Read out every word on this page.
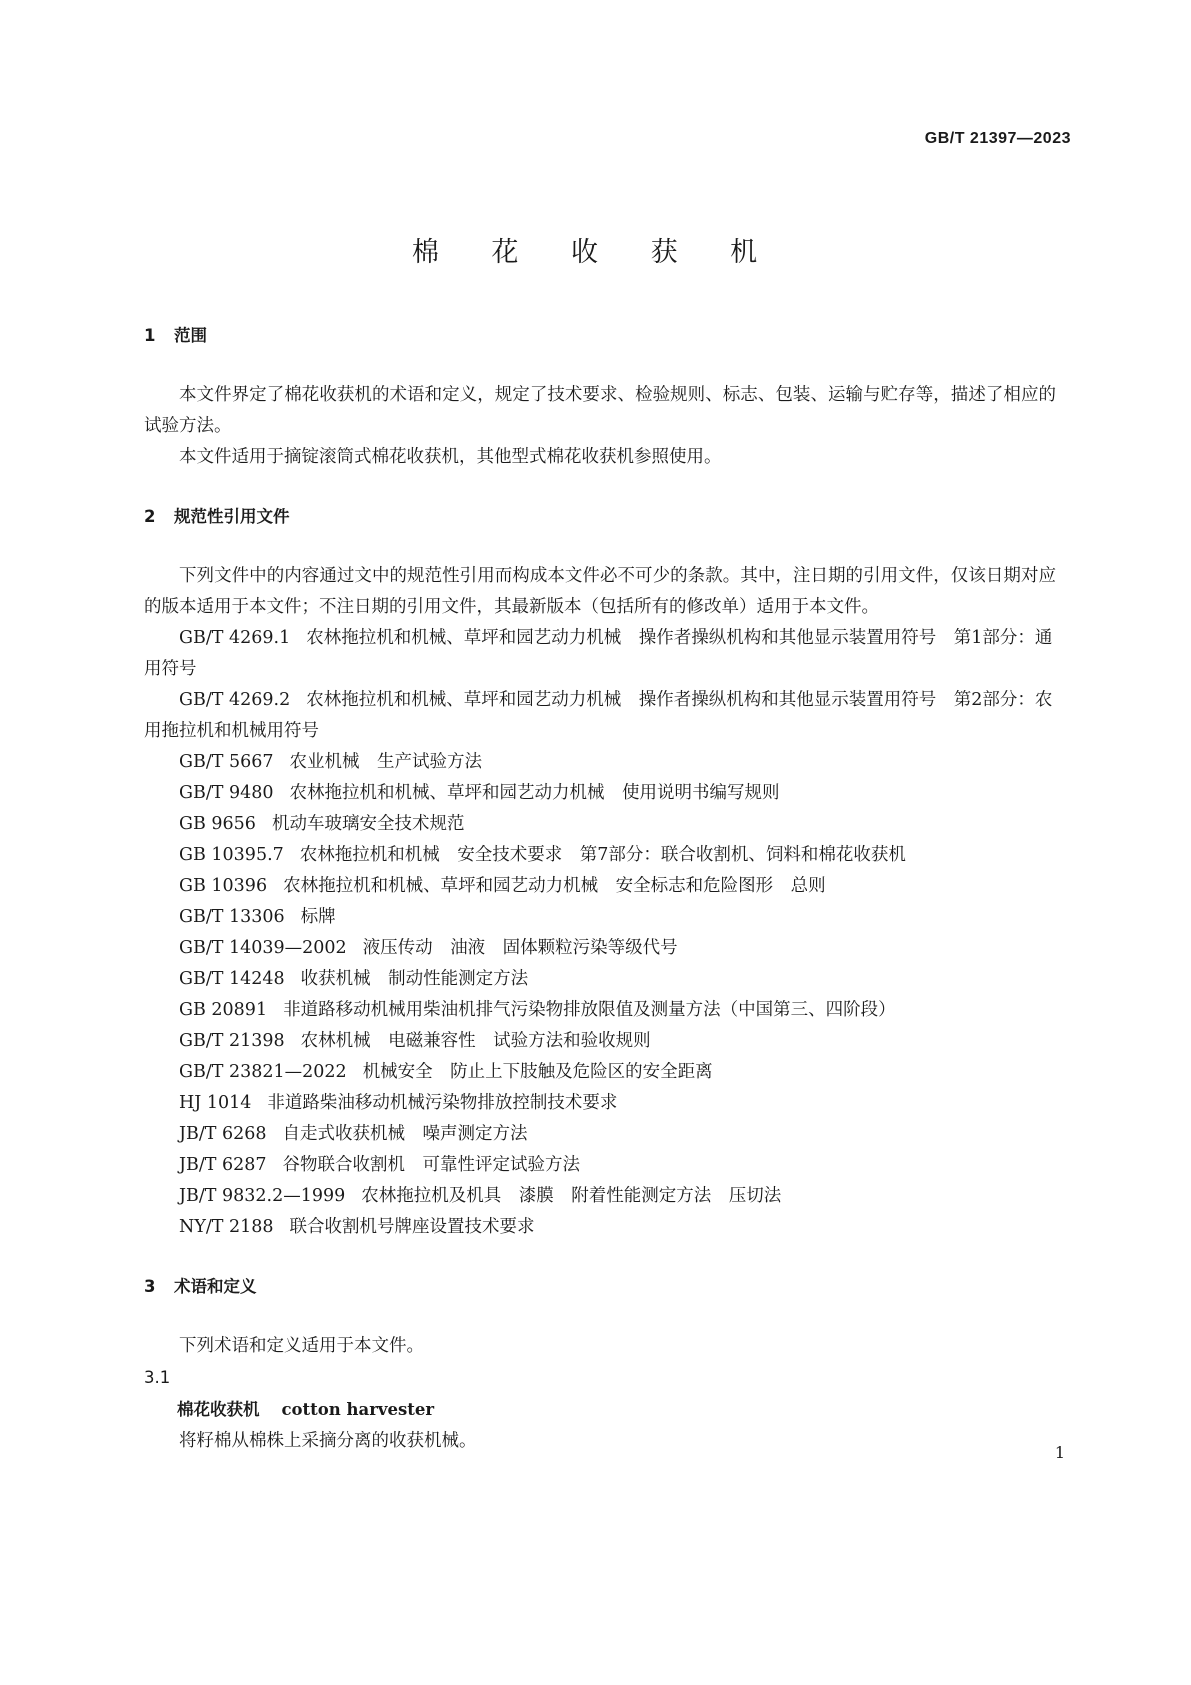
GB/T 21397—2023
棉 花 收 获 机

1 范围

本文件界定了棉花收获机的术语和定义，规定了技术要求、检验规则、标志、包装、运输与贮存等，描述了相应的试验方法。

本文件适用于摘锭滚筒式棉花收获机，其他型式棉花收获机参照使用。

2 规范性引用文件

下列文件中的内容通过文中的规范性引用而构成本文件必不可少的条款。其中，注日期的引用文件，仅该日期对应的版本适用于本文件；不注日期的引用文件，其最新版本（包括所有的修改单）适用于本文件。

GB/T 4269.1 农林拖拉机和机械、草坪和园艺动力机械　操作者操纵机构和其他显示装置用符号　第1部分：通用符号

GB/T 4269.2 农林拖拉机和机械、草坪和园艺动力机械　操作者操纵机构和其他显示装置用符号　第2部分：农用拖拉机和机械用符号

GB/T 5667 农业机械　生产试验方法

GB/T 9480 农林拖拉机和机械、草坪和园艺动力机械　使用说明书编写规则

GB 9656 机动车玻璃安全技术规范

GB 10395.7 农林拖拉机和机械　安全技术要求　第7部分：联合收割机、饲料和棉花收获机

GB 10396 农林拖拉机和机械、草坪和园艺动力机械　安全标志和危险图形　总则

GB/T 13306 标牌

GB/T 14039—2002 液压传动　油液　固体颗粒污染等级代号

GB/T 14248 收获机械　制动性能测定方法

GB 20891 非道路移动机械用柴油机排气污染物排放限值及测量方法（中国第三、四阶段）

GB/T 21398 农林机械　电磁兼容性　试验方法和验收规则

GB/T 23821—2022 机械安全　防止上下肢触及危险区的安全距离

HJ 1014 非道路柴油移动机械污染物排放控制技术要求

JB/T 6268 自走式收获机械　噪声测定方法

JB/T 6287 谷物联合收割机　可靠性评定试验方法

JB/T 9832.2—1999 农林拖拉机及机具　漆膜　附着性能测定方法　压切法

NY/T 2188 联合收割机号牌座设置技术要求

3 术语和定义

下列术语和定义适用于本文件。

3.1

棉花收获机 cotton harvester

将籽棉从棉株上采摘分离的收获机械。

1
